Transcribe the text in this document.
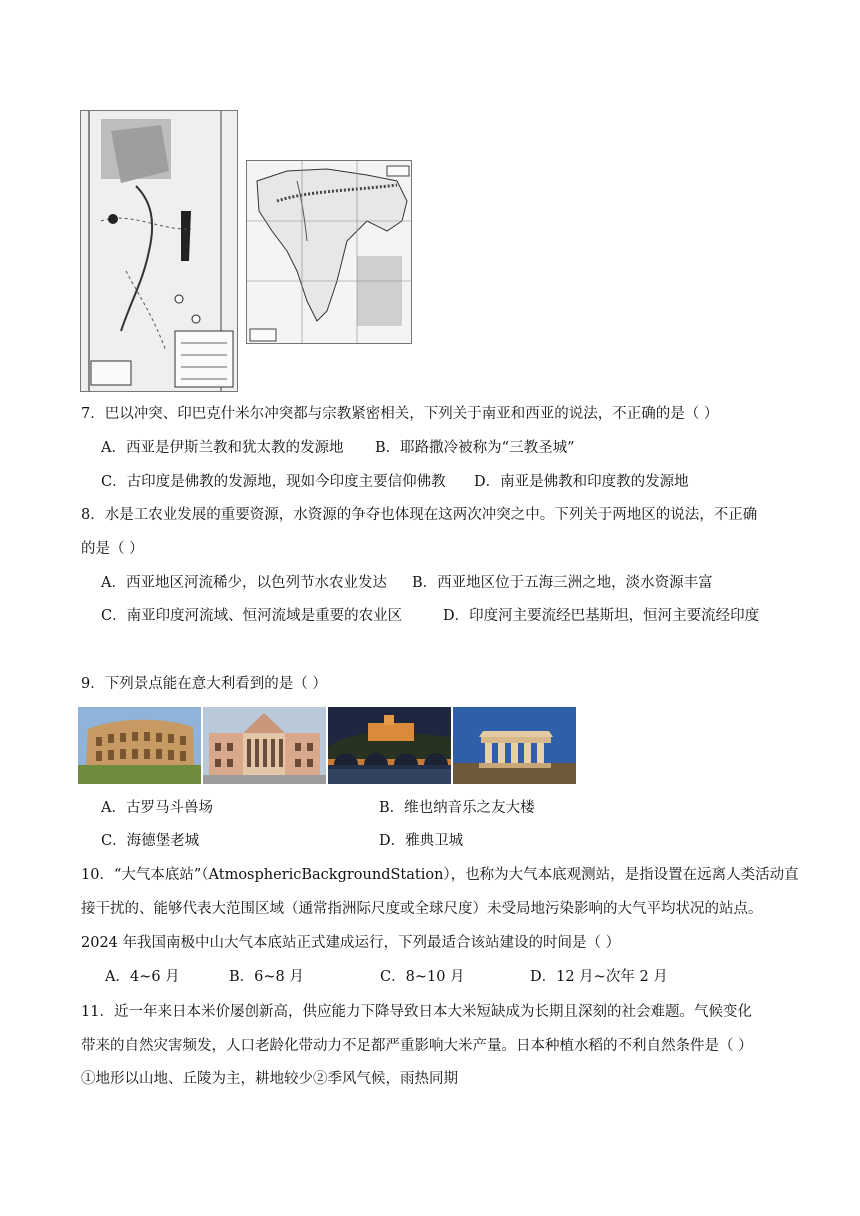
7．巴以冲突、印巴克什米尔冲突都与宗教紧密相关，下列关于南亚和西亚的说法，不正确的是（ ）
A．西亚是伊斯兰教和犹太教的发源地 B．耶路撒冷被称为“三教圣城”
C．古印度是佛教的发源地，现如今印度主要信仰佛教 D．南亚是佛教和印度教的发源地
8．水是工农业发展的重要资源，水资源的争夺也体现在这两次冲突之中。下列关于两地区的说法，不正确
的是（ ）
A．西亚地区河流稀少，以色列节水农业发达 B．西亚地区位于五海三洲之地，淡水资源丰富
C．南亚印度河流域、恒河流域是重要的农业区	D．印度河主要流经巴基斯坦，恒河主要流经印度
9．下列景点能在意大利看到的是（ ）
A．古罗马斗兽场	B．维也纳音乐之友大楼
C．海德堡老城	D．雅典卫城
10．“大气本底站”（AtmosphericBackgroundStation），也称为大气本底观测站，是指设置在远离人类活动直
接干扰的、能够代表大范围区域（通常指洲际尺度或全球尺度）未受局地污染影响的大气平均状况的站点。
2024 年我国南极中山大气本底站正式建成运行，下列最适合该站建设的时间是（ ）
A．4~6 月	B．6~8 月	C．8~10 月	D．12 月~次年 2 月
11．近一年来日本米价屡创新高，供应能力下降导致日本大米短缺成为长期且深刻的社会难题。气候变化
带来的自然灾害频发，人口老龄化带动力不足都严重影响大米产量。日本种植水稻的不利自然条件是（ ）
①地形以山地、丘陵为主，耕地较少②季风气候，雨热同期
